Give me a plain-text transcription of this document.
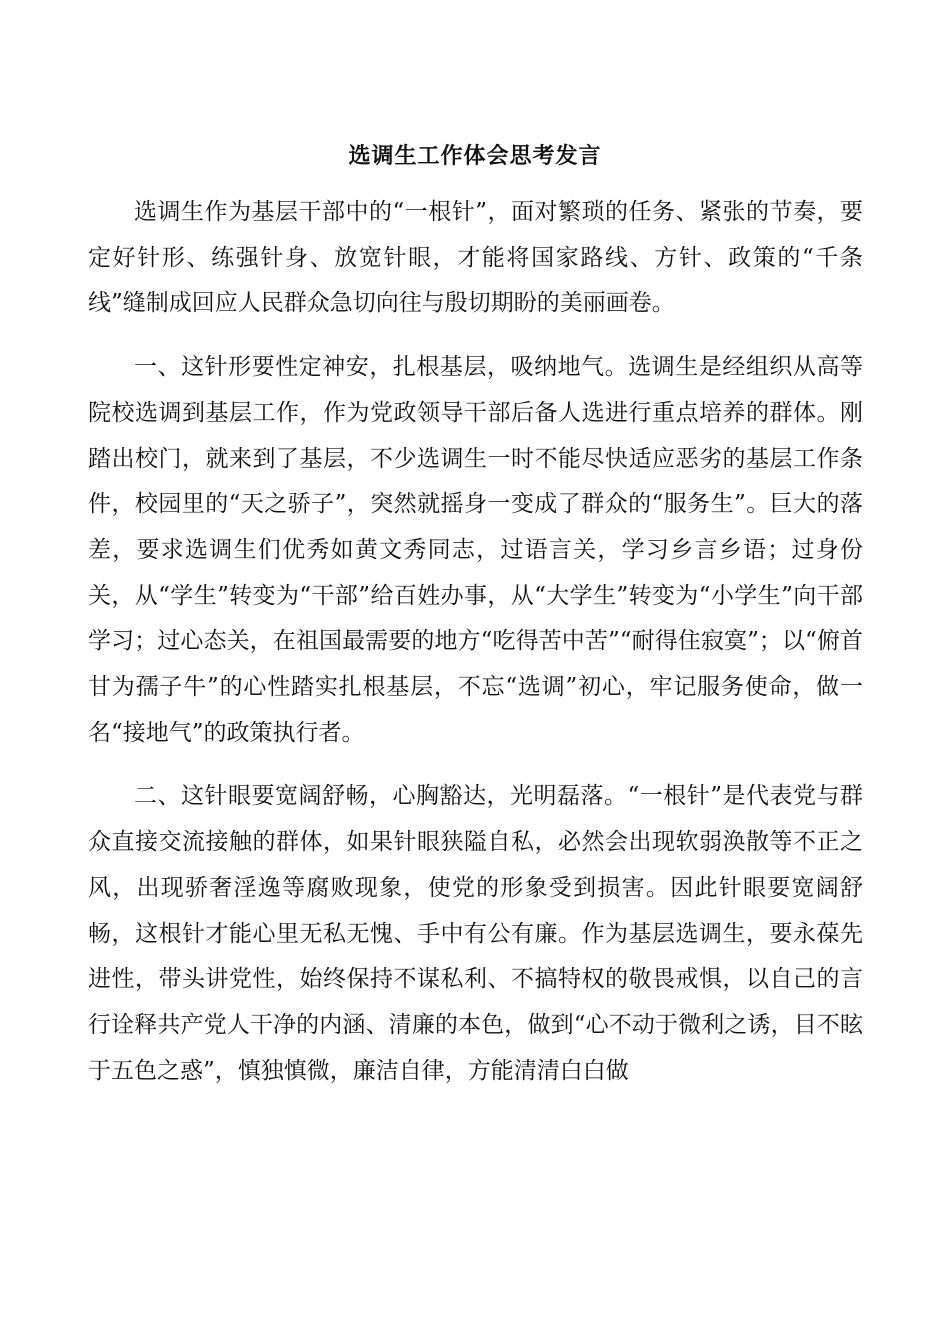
选调生工作体会思考发言

选调生作为基层干部中的“一根针”，面对繁琐的任务、紧张的节奏，要定好针形、练强针身、放宽针眼，才能将国家路线、方针、政策的“千条线”缝制成回应人民群众急切向往与殷切期盼的美丽画卷。

一、这针形要性定神安，扎根基层，吸纳地气。选调生是经组织从高等院校选调到基层工作，作为党政领导干部后备人选进行重点培养的群体。刚踏出校门，就来到了基层，不少选调生一时不能尽快适应恶劣的基层工作条件，校园里的“天之骄子”，突然就摇身一变成了群众的“服务生”。巨大的落差，要求选调生们优秀如黄文秀同志，过语言关，学习乡言乡语；过身份关，从“学生”转变为“干部”给百姓办事，从“大学生”转变为“小学生”向干部学习；过心态关，在祖国最需要的地方“吃得苦中苦”“耐得住寂寞”；以“俯首甘为孺子牛”的心性踏实扎根基层，不忘“选调”初心，牢记服务使命，做一名“接地气”的政策执行者。

二、这针眼要宽阔舒畅，心胸豁达，光明磊落。“一根针”是代表党与群众直接交流接触的群体，如果针眼狭隘自私，必然会出现软弱涣散等不正之风，出现骄奢淫逸等腐败现象，使党的形象受到损害。因此针眼要宽阔舒畅，这根针才能心里无私无愧、手中有公有廉。作为基层选调生，要永葆先进性，带头讲党性，始终保持不谋私利、不搞特权的敬畏戒惧，以自己的言行诠释共产党人干净的内涵、清廉的本色，做到“心不动于微利之诱，目不眩于五色之惑”，慎独慎微，廉洁自律，方能清清白白做
